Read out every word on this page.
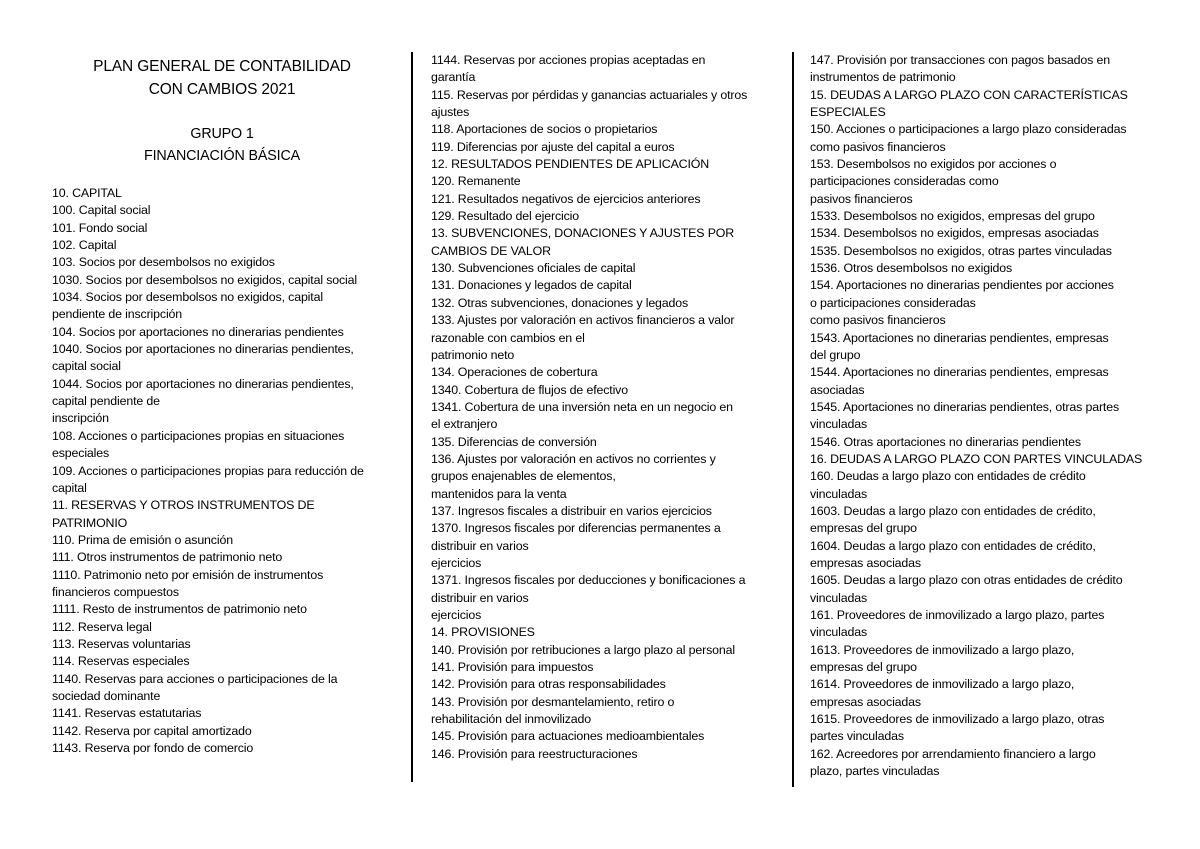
PLAN GENERAL DE CONTABILIDAD
CON CAMBIOS 2021
GRUPO 1
FINANCIACIÓN BÁSICA
10. CAPITAL
100. Capital social
101. Fondo social
102. Capital
103. Socios por desembolsos no exigidos
1030. Socios por desembolsos no exigidos, capital social
1034. Socios por desembolsos no exigidos, capital
pendiente de inscripción
104. Socios por aportaciones no dinerarias pendientes
1040. Socios por aportaciones no dinerarias pendientes,
capital social
1044. Socios por aportaciones no dinerarias pendientes,
capital pendiente de
inscripción
108. Acciones o participaciones propias en situaciones
especiales
109. Acciones o participaciones propias para reducción de
capital
11. RESERVAS Y OTROS INSTRUMENTOS DE
PATRIMONIO
110. Prima de emisión o asunción
111. Otros instrumentos de patrimonio neto
1110. Patrimonio neto por emisión de instrumentos
financieros compuestos
1111. Resto de instrumentos de patrimonio neto
112. Reserva legal
113. Reservas voluntarias
114. Reservas especiales
1140. Reservas para acciones o participaciones de la
sociedad dominante
1141. Reservas estatutarias
1142. Reserva por capital amortizado
1143. Reserva por fondo de comercio
1144. Reservas por acciones propias aceptadas en
garantía
115. Reservas por pérdidas y ganancias actuariales y otros
ajustes
118. Aportaciones de socios o propietarios
119. Diferencias por ajuste del capital a euros
12. RESULTADOS PENDIENTES DE APLICACIÓN
120. Remanente
121. Resultados negativos de ejercicios anteriores
129. Resultado del ejercicio
13. SUBVENCIONES, DONACIONES Y AJUSTES POR
CAMBIOS DE VALOR
130. Subvenciones oficiales de capital
131. Donaciones y legados de capital
132. Otras subvenciones, donaciones y legados
133. Ajustes por valoración en activos financieros a valor
razonable con cambios en el
patrimonio neto
134. Operaciones de cobertura
1340. Cobertura de flujos de efectivo
1341. Cobertura de una inversión neta en un negocio en
el extranjero
135. Diferencias de conversión
136. Ajustes por valoración en activos no corrientes y
grupos enajenables de elementos,
mantenidos para la venta
137. Ingresos fiscales a distribuir en varios ejercicios
1370. Ingresos fiscales por diferencias permanentes a
distribuir en varios
ejercicios
1371. Ingresos fiscales por deducciones y bonificaciones a
distribuir en varios
ejercicios
14. PROVISIONES
140. Provisión por retribuciones a largo plazo al personal
141. Provisión para impuestos
142. Provisión para otras responsabilidades
143. Provisión por desmantelamiento, retiro o
rehabilitación del inmovilizado
145. Provisión para actuaciones medioambientales
146. Provisión para reestructuraciones
147. Provisión por transacciones con pagos basados en
instrumentos de patrimonio
15. DEUDAS A LARGO PLAZO CON CARACTERÍSTICAS
ESPECIALES
150. Acciones o participaciones a largo plazo consideradas
como pasivos financieros
153. Desembolsos no exigidos por acciones o
participaciones consideradas como
pasivos financieros
1533. Desembolsos no exigidos, empresas del grupo
1534. Desembolsos no exigidos, empresas asociadas
1535. Desembolsos no exigidos, otras partes vinculadas
1536. Otros desembolsos no exigidos
154. Aportaciones no dinerarias pendientes por acciones
o participaciones consideradas
como pasivos financieros
1543. Aportaciones no dinerarias pendientes, empresas
del grupo
1544. Aportaciones no dinerarias pendientes, empresas
asociadas
1545. Aportaciones no dinerarias pendientes, otras partes
vinculadas
1546. Otras aportaciones no dinerarias pendientes
16. DEUDAS A LARGO PLAZO CON PARTES VINCULADAS
160. Deudas a largo plazo con entidades de crédito
vinculadas
1603. Deudas a largo plazo con entidades de crédito,
empresas del grupo
1604. Deudas a largo plazo con entidades de crédito,
empresas asociadas
1605. Deudas a largo plazo con otras entidades de crédito
vinculadas
161. Proveedores de inmovilizado a largo plazo, partes
vinculadas
1613. Proveedores de inmovilizado a largo plazo,
empresas del grupo
1614. Proveedores de inmovilizado a largo plazo,
empresas asociadas
1615. Proveedores de inmovilizado a largo plazo, otras
partes vinculadas
162. Acreedores por arrendamiento financiero a largo
plazo, partes vinculadas
